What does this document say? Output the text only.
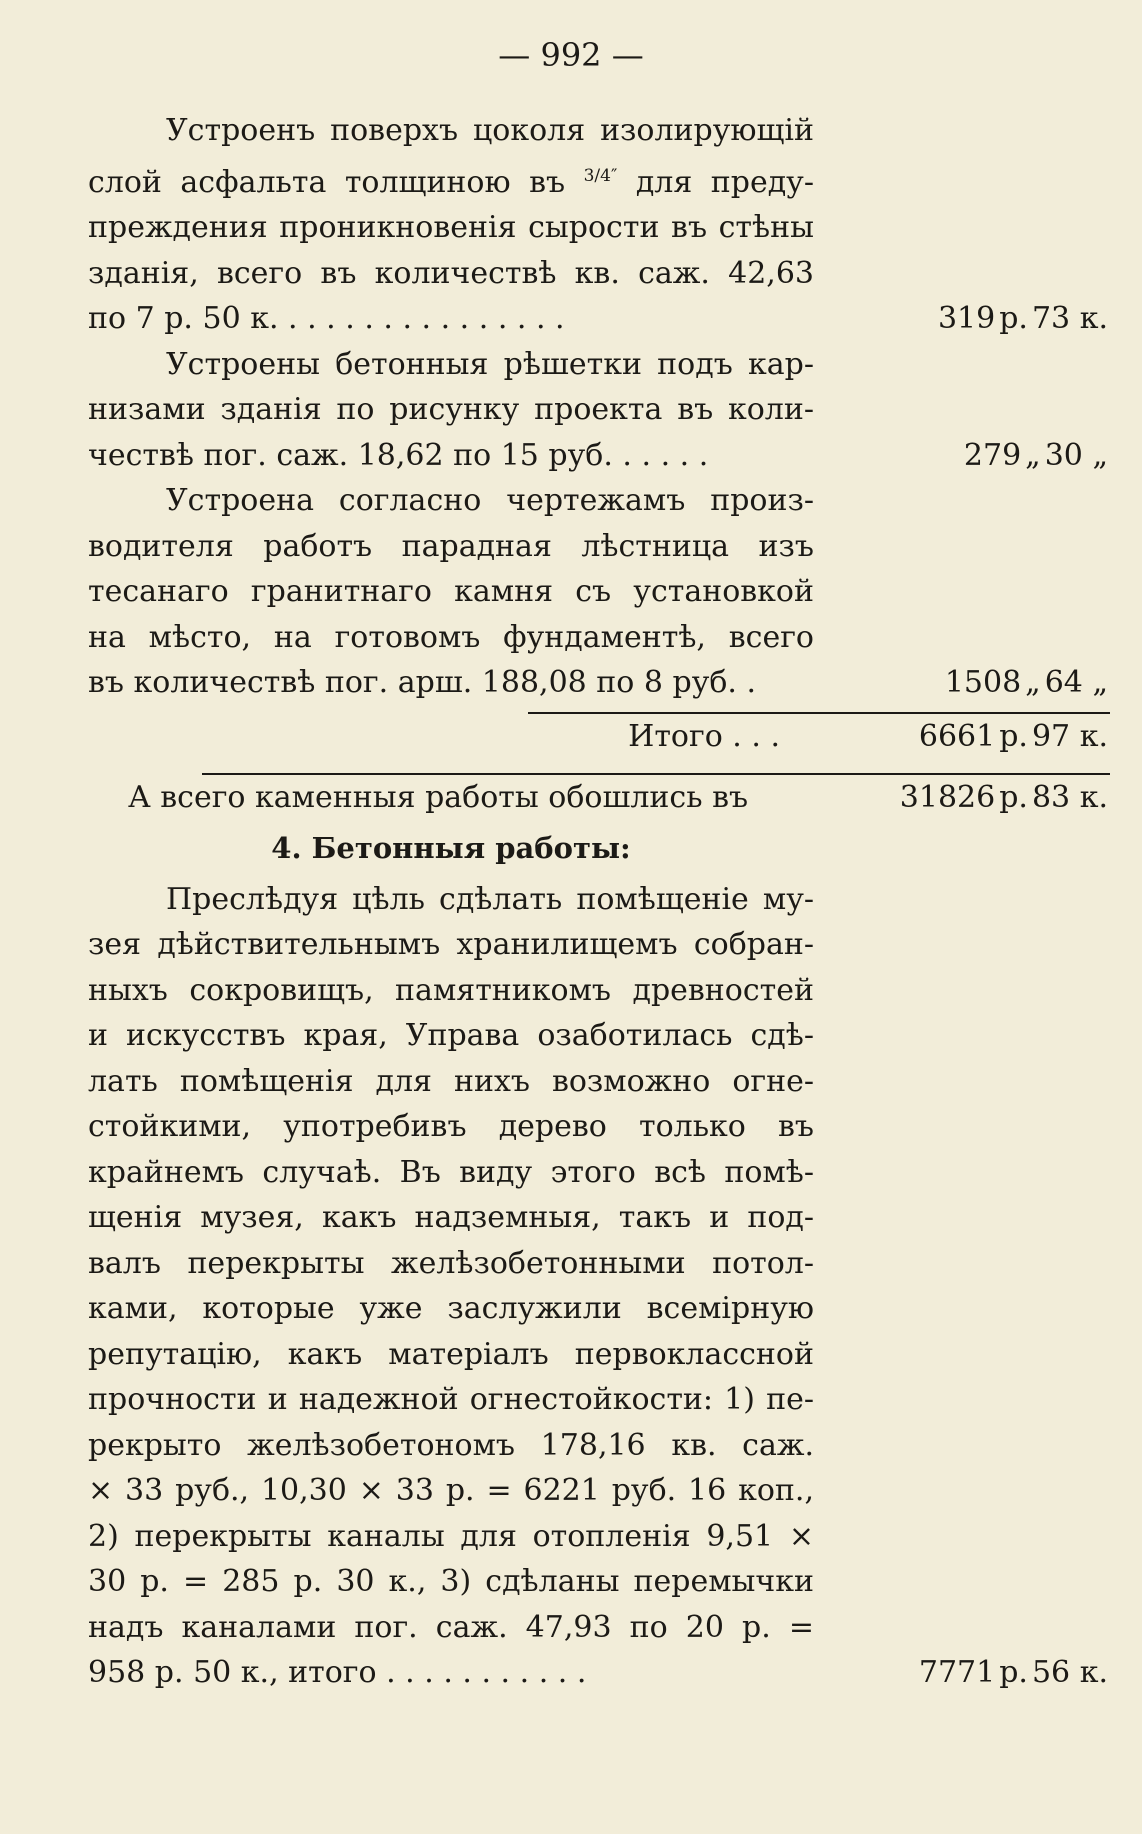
— 992 —
Устроенъ поверхъ цоколя изолирующій
слой асфальта толщиною въ $^{3/4''}$ для преду-
преждения проникновенія сырости въ стѣны
зданія, всего въ количествѣ кв. саж. 42,63
по 7 р. 50 к. . . . . . . . . . . . . . . .	319 р. 73 к.
Устроены бетонныя рѣшетки подъ кар-
низами зданія по рисунку проекта въ коли-
чествѣ пог. саж. 18,62 по 15 руб. . . . . .	279 „ 30 „
Устроена согласно чертежамъ произ-
водителя работъ парадная лѣстница изъ
тесанаго гранитнаго камня съ установкой
на мѣсто, на готовомъ фундаментѣ, всего
въ количествѣ пог. арш. 188,08 по 8 руб. .	1508 „ 64 „
Итого . . .	6661 р. 97 к.
А всего каменныя работы обошлись въ	31826 р. 83 к.
4. Бетонныя работы:
Преслѣдуя цѣль сдѣлать помѣщеніе му-
зея дѣйствительнымъ хранилищемъ собран-
ныхъ сокровищъ, памятникомъ древностей
и искусствъ края, Управа озаботилась сдѣ-
лать помѣщенія для нихъ возможно огне-
стойкими, употребивъ дерево только въ
крайнемъ случаѣ. Въ виду этого всѣ помѣ-
щенія музея, какъ надземныя, такъ и под-
валъ перекрыты желѣзобетонными потол-
ками, которые уже заслужили всемірную
репутацію, какъ матеріалъ первоклассной
прочности и надежной огнестойкости: 1) пе-
рекрыто желѣзобетономъ 178,16 кв. саж.
× 33 руб., 10,30 × 33 р. = 6221 руб. 16 коп.,
2) перекрыты каналы для отопленія 9,51 ×
30 р. = 285 р. 30 к., 3) сдѣланы перемычки
надъ каналами пог. саж. 47,93 по 20 р. =
958 р. 50 к., итого . . . . . . . . . . .	7771 р. 56 к.
